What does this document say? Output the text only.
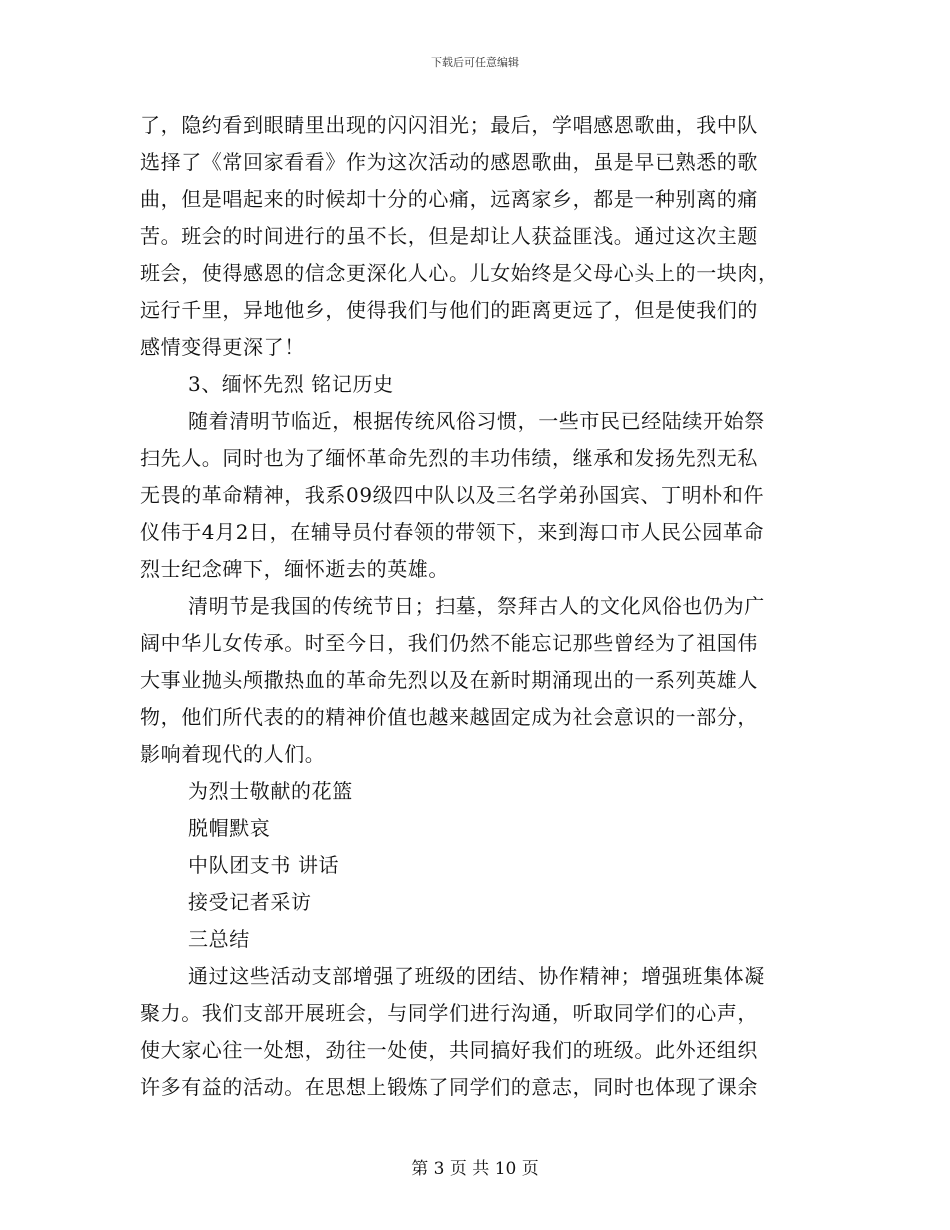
下载后可任意编辑
了，隐约看到眼睛里出现的闪闪泪光；最后，学唱感恩歌曲，我中队
选择了《常回家看看》作为这次活动的感恩歌曲，虽是早已熟悉的歌
曲，但是唱起来的时候却十分的心痛，远离家乡，都是一种别离的痛
苦。班会的时间进行的虽不长，但是却让人获益匪浅。通过这次主题
班会，使得感恩的信念更深化人心。儿女始终是父母心头上的一块肉，
远行千里，异地他乡，使得我们与他们的距离更远了，但是使我们的
感情变得更深了！
3、缅怀先烈 铭记历史
随着清明节临近，根据传统风俗习惯，一些市民已经陆续开始祭
扫先人。同时也为了缅怀革命先烈的丰功伟绩，继承和发扬先烈无私
无畏的革命精神，我系09级四中队以及三名学弟孙国宾、丁明朴和仵
仪伟于4月2日，在辅导员付春领的带领下，来到海口市人民公园革命
烈士纪念碑下，缅怀逝去的英雄。
清明节是我国的传统节日；扫墓，祭拜古人的文化风俗也仍为广
阔中华儿女传承。时至今日，我们仍然不能忘记那些曾经为了祖国伟
大事业抛头颅撒热血的革命先烈以及在新时期涌现出的一系列英雄人
物，他们所代表的的精神价值也越来越固定成为社会意识的一部分，
影响着现代的人们。
为烈士敬献的花篮
脱帽默哀
中队团支书 讲话
接受记者采访
三总结
通过这些活动支部增强了班级的团结、协作精神；增强班集体凝
聚力。我们支部开展班会，与同学们进行沟通，听取同学们的心声，
使大家心往一处想，劲往一处使，共同搞好我们的班级。此外还组织
许多有益的活动。在思想上锻炼了同学们的意志，同时也体现了课余
第 3 页 共 10 页
